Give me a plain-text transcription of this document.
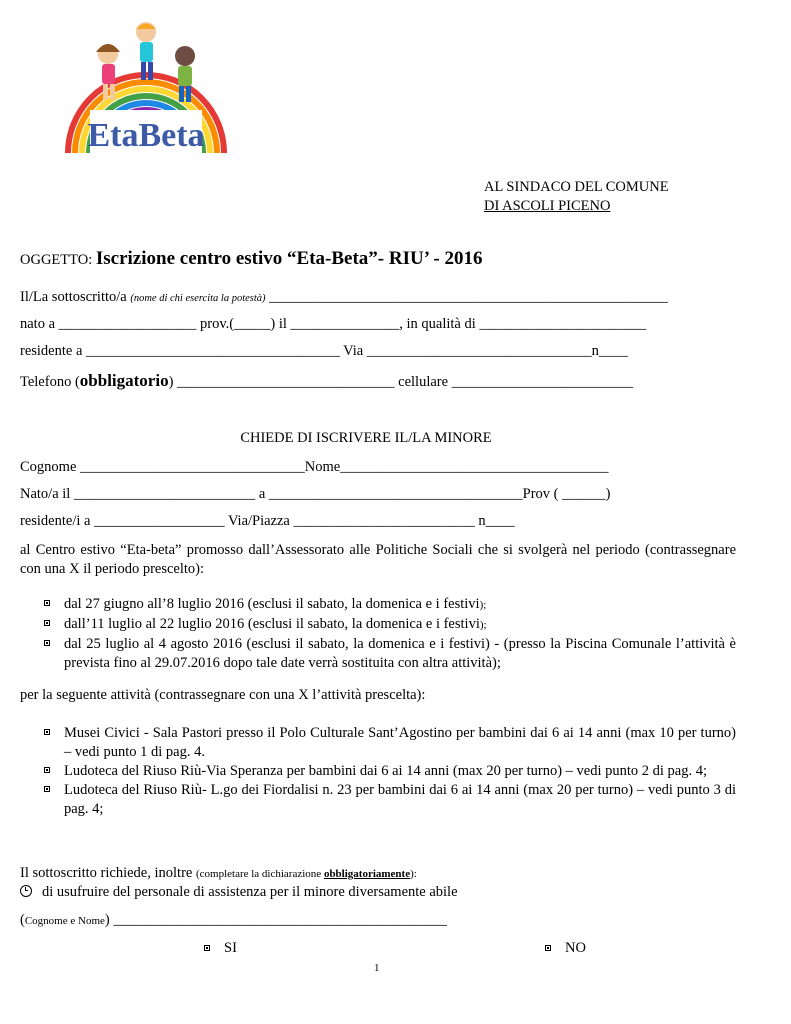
EtaBeta
AL SINDACO DEL COMUNE
DI ASCOLI PICENO
OGGETTO: Iscrizione centro estivo “Eta-Beta”- RIU’ - 2016
Il/La sottoscritto/a (nome di chi esercita la potestà) _______________________________________________________
nato a ___________________ prov.(_____) il _______________, in qualità di _______________________
residente a ___________________________________ Via _______________________________n____
Telefono (obbligatorio) ______________________________ cellulare _________________________
CHIEDE DI ISCRIVERE IL/LA MINORE
Cognome _______________________________Nome_____________________________________
Nato/a il _________________________ a ___________________________________Prov ( ______)
residente/i a __________________ Via/Piazza _________________________ n____
al Centro estivo “Eta-beta” promosso dall’Assessorato alle Politiche Sociali che si svolgerà nel periodo (contrassegnare con una X il periodo prescelto):
dal 27 giugno all’8 luglio 2016 (esclusi il sabato, la domenica e i festivi);
dall’11 luglio al 22 luglio 2016 (esclusi il sabato, la domenica e i festivi);
dal 25 luglio al 4 agosto 2016 (esclusi il sabato, la domenica e i festivi) - (presso la Piscina Comunale l’attività è prevista fino al 29.07.2016 dopo tale date verrà sostituita con altra attività);
per la seguente attività (contrassegnare con una X l’attività prescelta):
Musei Civici - Sala Pastori presso il Polo Culturale Sant’Agostino per bambini dai 6 ai 14 anni (max 10 per turno) – vedi punto 1 di pag. 4.
Ludoteca del Riuso Riù-Via Speranza per bambini dai 6 ai 14 anni (max 20 per turno) – vedi punto 2 di pag. 4;
Ludoteca del Riuso Riù- L.go dei Fiordalisi n. 23 per bambini dai 6 ai 14 anni (max 20 per turno) – vedi punto 3 di pag. 4;
Il sottoscritto richiede, inoltre (completare la dichiarazione obbligatoriamente):
di usufruire del personale di assistenza per il minore diversamente abile
(Cognome e Nome) ______________________________________________
SI	NO
1
